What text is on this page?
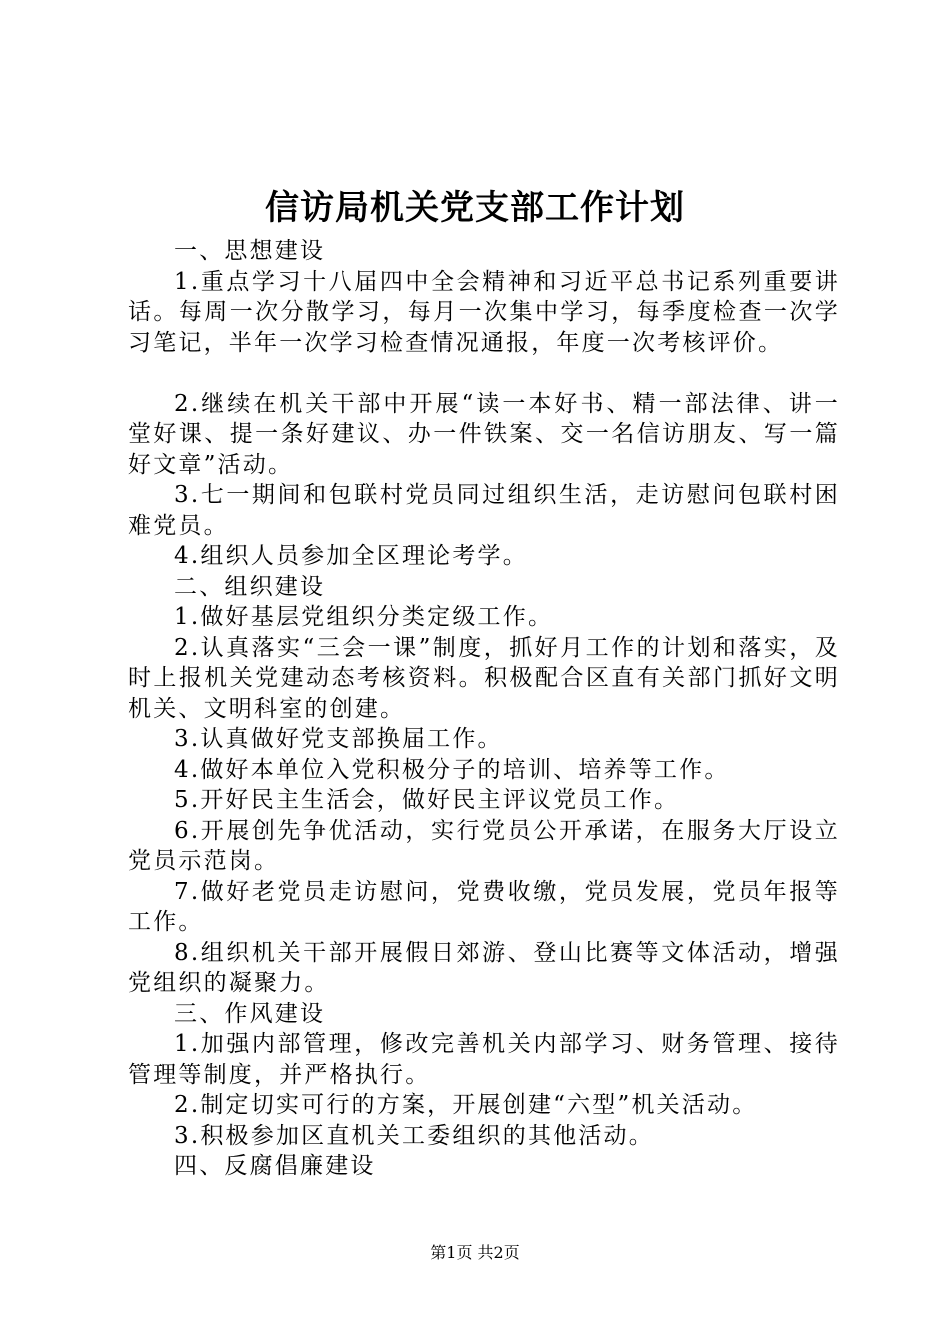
信访局机关党支部工作计划

一、思想建设

1.重点学习十八届四中全会精神和习近平总书记系列重要讲话。每周一次分散学习，每月一次集中学习，每季度检查一次学习笔记，半年一次学习检查情况通报，年度一次考核评价。

2.继续在机关干部中开展“读一本好书、精一部法律、讲一堂好课、提一条好建议、办一件铁案、交一名信访朋友、写一篇好文章”活动。

3.七一期间和包联村党员同过组织生活，走访慰问包联村困难党员。

4.组织人员参加全区理论考学。

二、组织建设

1.做好基层党组织分类定级工作。

2.认真落实“三会一课”制度，抓好月工作的计划和落实，及时上报机关党建动态考核资料。积极配合区直有关部门抓好文明机关、文明科室的创建。

3.认真做好党支部换届工作。

4.做好本单位入党积极分子的培训、培养等工作。

5.开好民主生活会，做好民主评议党员工作。

6.开展创先争优活动，实行党员公开承诺，在服务大厅设立党员示范岗。

7.做好老党员走访慰问，党费收缴，党员发展，党员年报等工作。

8.组织机关干部开展假日郊游、登山比赛等文体活动，增强党组织的凝聚力。

三、作风建设

1.加强内部管理，修改完善机关内部学习、财务管理、接待管理等制度，并严格执行。

2.制定切实可行的方案，开展创建“六型”机关活动。

3.积极参加区直机关工委组织的其他活动。

四、反腐倡廉建设

第1页 共2页
